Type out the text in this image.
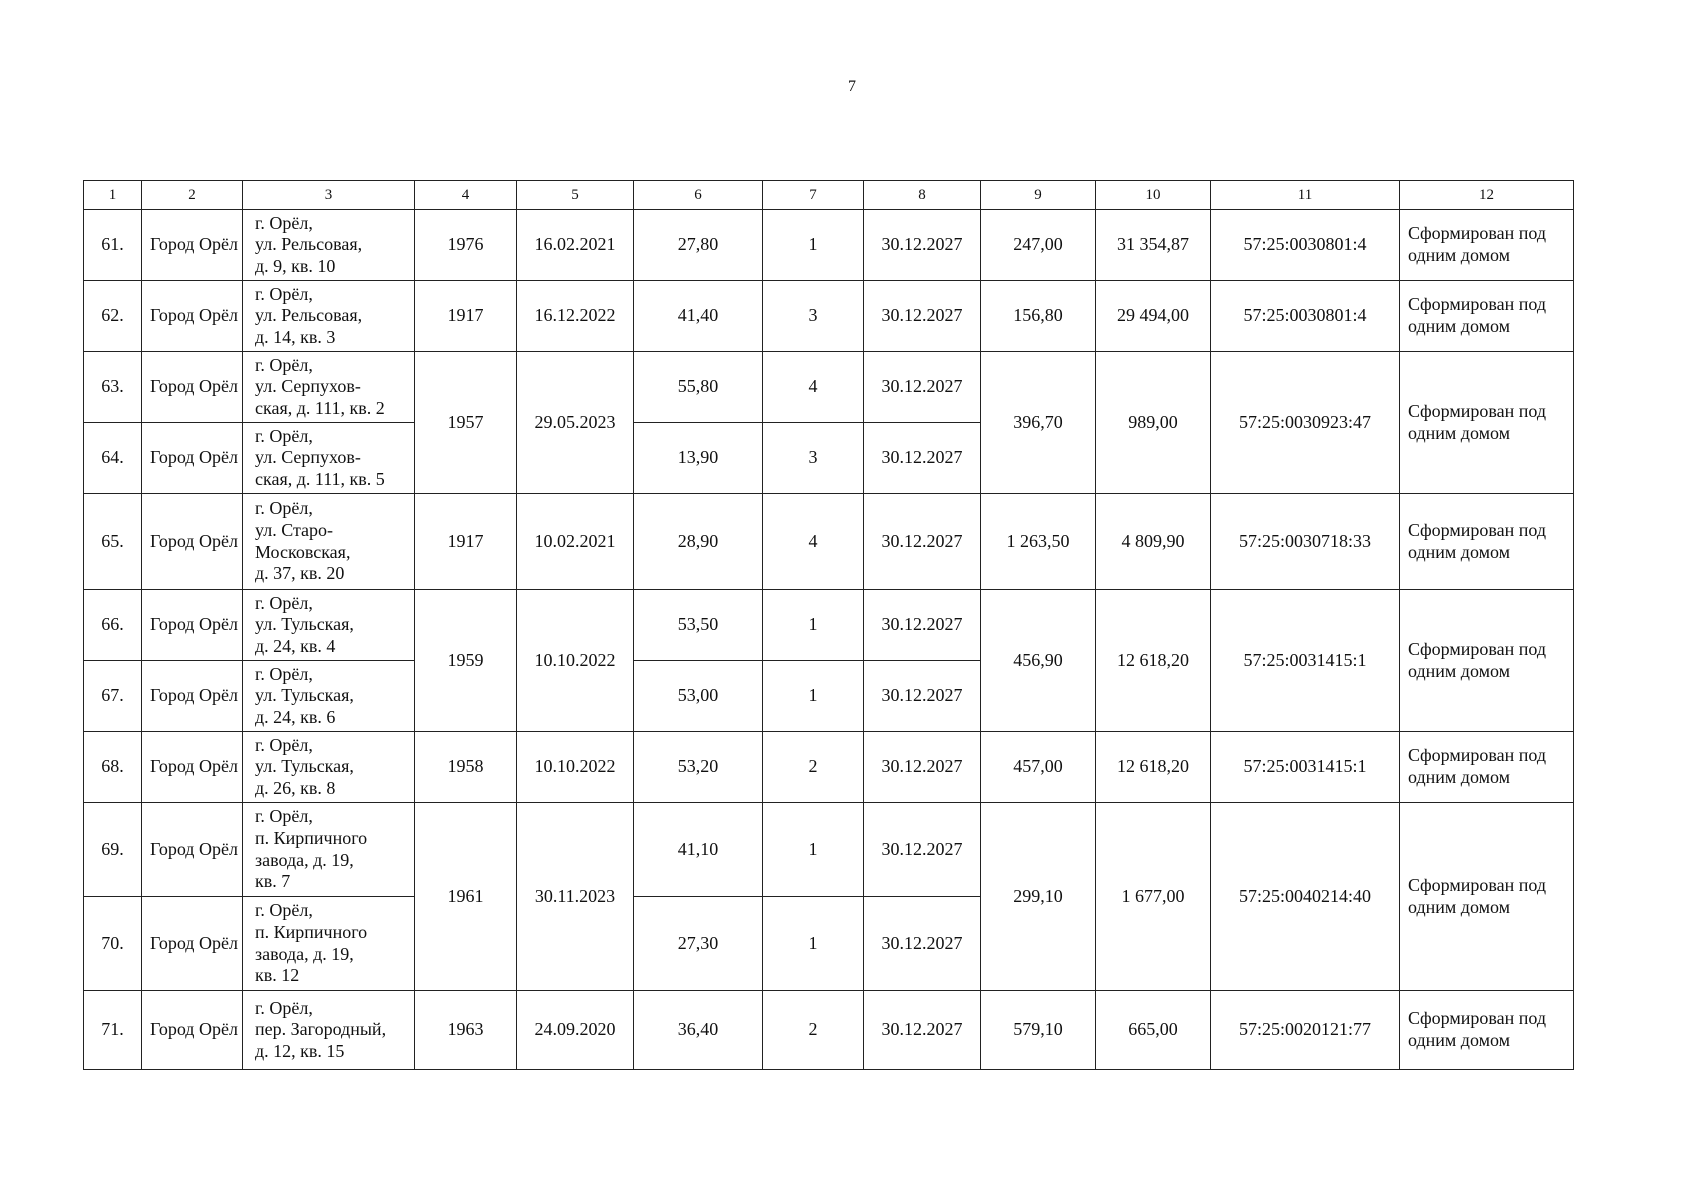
7
1	2	3	4	5	6	7	8	9	10	11	12
61.	Город Орёл	г. Орёл,
ул. Рельсовая,
д. 9, кв. 10	1976	16.02.2021	27,80	1	30.12.2027	247,00	31 354,87	57:25:0030801:4	Сформирован под одним домом
62.	Город Орёл	г. Орёл,
ул. Рельсовая,
д. 14, кв. 3	1917	16.12.2022	41,40	3	30.12.2027	156,80	29 494,00	57:25:0030801:4	Сформирован под одним домом
63.	Город Орёл	г. Орёл,
ул. Серпухов-
ская, д. 111, кв. 2	1957	29.05.2023	55,80	4	30.12.2027	396,70	989,00	57:25:0030923:47	Сформирован под одним домом
64.	Город Орёл	г. Орёл,
ул. Серпухов-
ская, д. 111, кв. 5			13,90	3	30.12.2027				
65.	Город Орёл	г. Орёл,
ул. Старо-
Московская,
д. 37, кв. 20	1917	10.02.2021	28,90	4	30.12.2027	1 263,50	4 809,90	57:25:0030718:33	Сформирован под одним домом
66.	Город Орёл	г. Орёл,
ул. Тульская,
д. 24, кв. 4	1959	10.10.2022	53,50	1	30.12.2027	456,90	12 618,20	57:25:0031415:1	Сформирован под одним домом
67.	Город Орёл	г. Орёл,
ул. Тульская,
д. 24, кв. 6			53,00	1	30.12.2027				
68.	Город Орёл	г. Орёл,
ул. Тульская,
д. 26, кв. 8	1958	10.10.2022	53,20	2	30.12.2027	457,00	12 618,20	57:25:0031415:1	Сформирован под одним домом
69.	Город Орёл	г. Орёл,
п. Кирпичного
завода, д. 19,
кв. 7	1961	30.11.2023	41,10	1	30.12.2027	299,10	1 677,00	57:25:0040214:40	Сформирован под одним домом
70.	Город Орёл	г. Орёл,
п. Кирпичного
завода, д. 19,
кв. 12			27,30	1	30.12.2027				
71.	Город Орёл	г. Орёл,
пер. Загородный,
д. 12, кв. 15	1963	24.09.2020	36,40	2	30.12.2027	579,10	665,00	57:25:0020121:77	Сформирован под одним домом
